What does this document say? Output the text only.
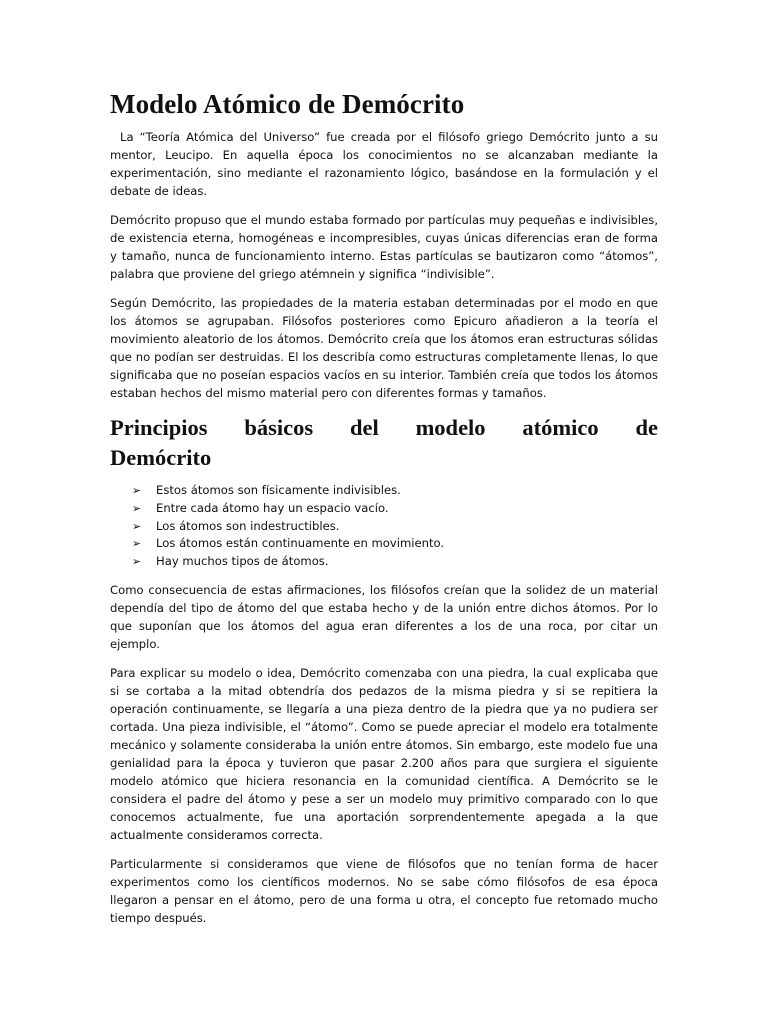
Modelo Atómico de Demócrito

La “Teoría Atómica del Universo” fue creada por el filósofo griego Demócrito junto a su mentor, Leucipo. En aquella época los conocimientos no se alcanzaban mediante la experimentación, sino mediante el razonamiento lógico, basándose en la formulación y el debate de ideas.

Demócrito propuso que el mundo estaba formado por partículas muy pequeñas e indivisibles, de existencia eterna, homogéneas e incompresibles, cuyas únicas diferencias eran de forma y tamaño, nunca de funcionamiento interno. Estas partículas se bautizaron como “átomos”, palabra que proviene del griego atémnein y significa “indivisible”.

Según Demócrito, las propiedades de la materia estaban determinadas por el modo en que los átomos se agrupaban. Filósofos posteriores como Epicuro añadieron a la teoría el movimiento aleatorio de los átomos. Demócrito creía que los átomos eran estructuras sólidas que no podían ser destruidas. El los describía como estructuras completamente llenas, lo que significaba que no poseían espacios vacíos en su interior. También creía que todos los átomos estaban hechos del mismo material pero con diferentes formas y tamaños.

Principios básicos del modelo atómico de
Demócrito
➢ Estos átomos son físicamente indivisibles.
➢ Entre cada átomo hay un espacio vacío.
➢ Los átomos son indestructibles.
➢ Los átomos están continuamente en movimiento.
➢ Hay muchos tipos de átomos.

Como consecuencia de estas afirmaciones, los filósofos creían que la solidez de un material dependía del tipo de átomo del que estaba hecho y de la unión entre dichos átomos. Por lo que suponían que los átomos del agua eran diferentes a los de una roca, por citar un ejemplo.

Para explicar su modelo o idea, Demócrito comenzaba con una piedra, la cual explicaba que si se cortaba a la mitad obtendría dos pedazos de la misma piedra y si se repitiera la operación continuamente, se llegaría a una pieza dentro de la piedra que ya no pudiera ser cortada. Una pieza indivisible, el “átomo”. Como se puede apreciar el modelo era totalmente mecánico y solamente consideraba la unión entre átomos. Sin embargo, este modelo fue una genialidad para la época y tuvieron que pasar 2.200 años para que surgiera el siguiente modelo atómico que hiciera resonancia en la comunidad científica. A Demócrito se le considera el padre del átomo y pese a ser un modelo muy primitivo comparado con lo que conocemos actualmente, fue una aportación sorprendentemente apegada a la que actualmente consideramos correcta.

Particularmente si consideramos que viene de filósofos que no tenían forma de hacer experimentos como los científicos modernos. No se sabe cómo filósofos de esa época llegaron a pensar en el átomo, pero de una forma u otra, el concepto fue retomado mucho tiempo después.
